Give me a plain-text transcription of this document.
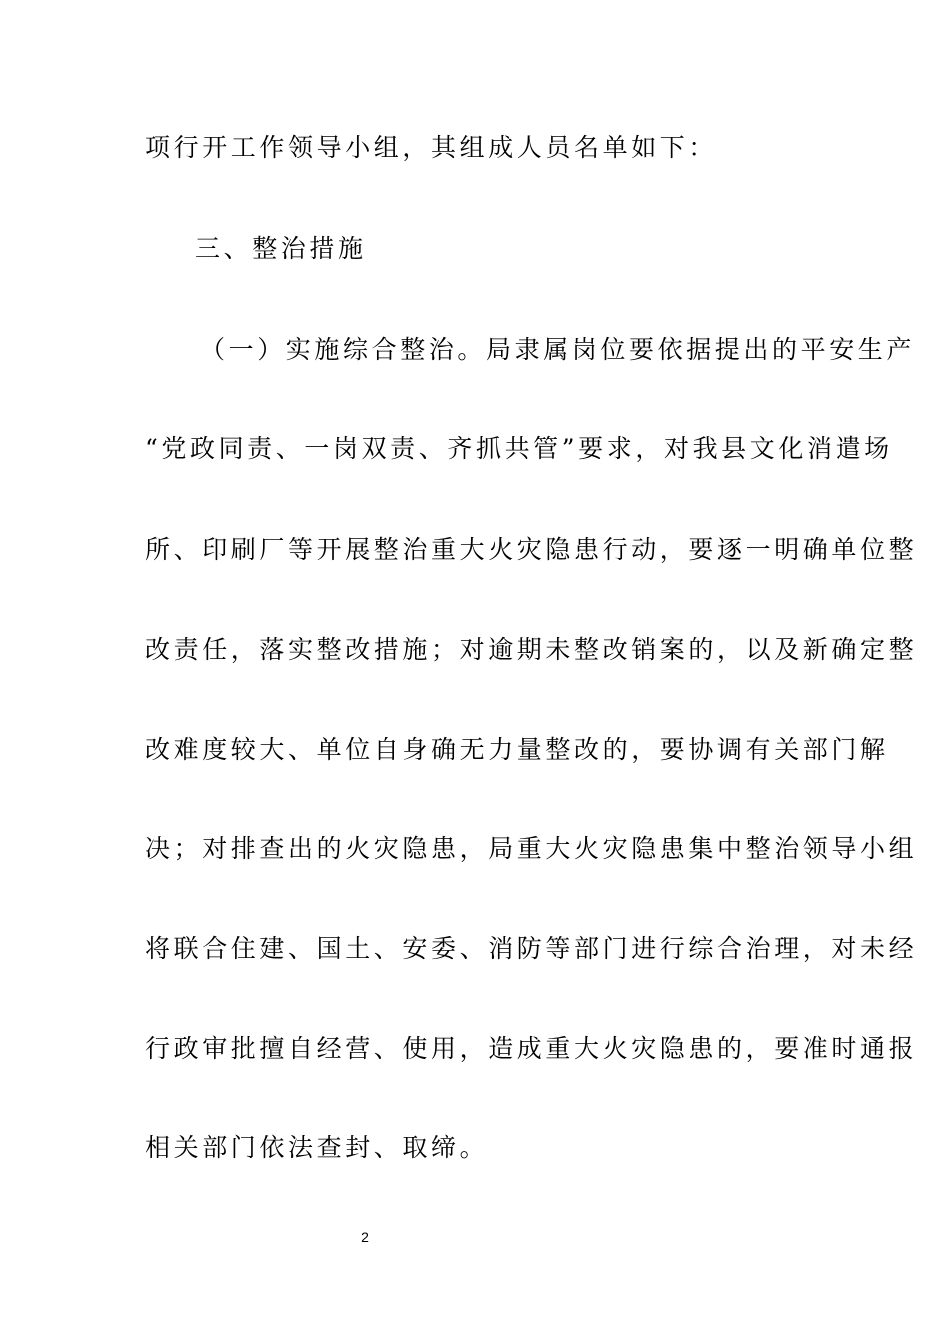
项行开工作领导小组，其组成人员名单如下：
三、整治措施
（一）实施综合整治。局隶属岗位要依据提出的平安生产
“党政同责、一岗双责、齐抓共管”要求，对我县文化消遣场
所、印刷厂等开展整治重大火灾隐患行动，要逐一明确单位整
改责任，落实整改措施；对逾期未整改销案的，以及新确定整
改难度较大、单位自身确无力量整改的，要协调有关部门解
决；对排查出的火灾隐患，局重大火灾隐患集中整治领导小组
将联合住建、国土、安委、消防等部门进行综合治理，对未经
行政审批擅自经营、使用，造成重大火灾隐患的，要准时通报
相关部门依法查封、取缔。
2
